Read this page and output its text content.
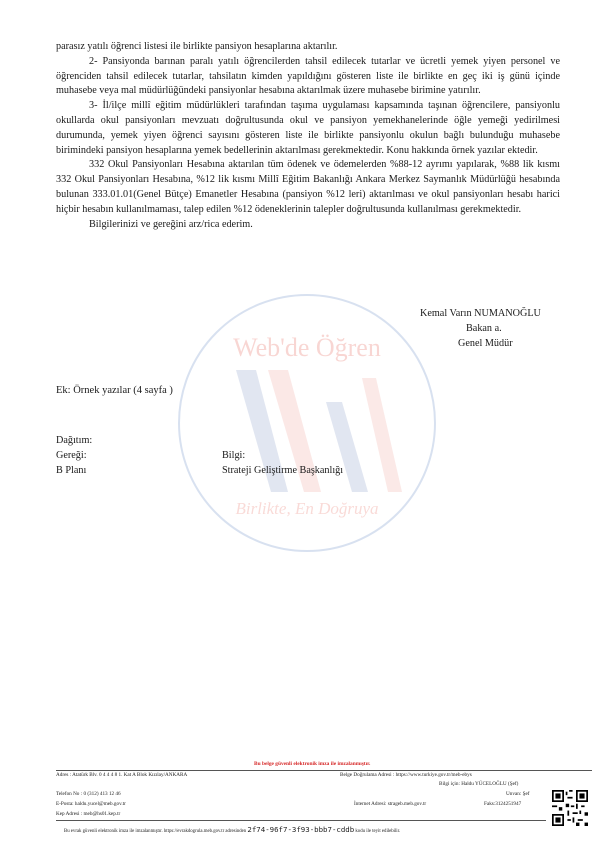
parasız yatılı öğrenci listesi ile birlikte pansiyon hesaplarına aktarılır.

2- Pansiyonda barınan paralı yatılı öğrencilerden tahsil edilecek tutarlar ve ücretli yemek yiyen personel ve öğrenciden tahsil edilecek tutarlar, tahsilatın kimden yapıldığını gösteren liste ile birlikte en geç iki iş günü içinde muhasebe veya mal müdürlüğündeki pansiyonlar hesabına aktarılmak üzere muhasebe birimine yatırılır.

3- İl/ilçe millî eğitim müdürlükleri tarafından taşıma uygulaması kapsamında taşınan öğrencilere, pansiyonlu okullarda okul pansiyonları mevzuatı doğrultusunda okul ve pansiyon yemekhanelerinde öğle yemeği yedirilmesi durumunda, yemek yiyen öğrenci sayısını gösteren liste ile birlikte pansiyonlu okulun bağlı bulunduğu muhasebe birimindeki pansiyon hesaplarına yemek bedellerinin aktarılması gerekmektedir. Konu hakkında örnek yazılar ektedir.

332 Okul Pansiyonları Hesabına aktarılan tüm ödenek ve ödemelerden %88-12 ayrımı yapılarak, %88 lik kısmı 332 Okul Pansiyonları Hesabına, %12 lik kısmı Millî Eğitim Bakanlığı Ankara Merkez Saymanlık Müdürlüğü hesabında bulunan 333.01.01(Genel Bütçe) Emanetler Hesabına (pansiyon %12 leri) aktarılması ve okul pansiyonları hesabı harici hiçbir hesabın kullanılmaması, talep edilen %12 ödeneklerinin talepler doğrultusunda kullanılması gerekmektedir.

Bilgilerinizi ve gereğini arz/rica ederim.

Web'de Öğren
Birlikte, En Doğruya
Kemal Varın NUMANOĞLU
Bakan a.
Genel Müdür
Ek: Örnek yazılar (4 sayfa )
Dağıtım:
Gereği:	Bilgi:
B Planı	Strateji Geliştirme Başkanlığı
Bu belge güvenli elektronik imza ile imzalanmıştır.
Adres : Atatürk Blv. 0 4 4 4 8 1. Kat A Blok Kızılay/ANKARA	Belge Doğrulama Adresi : https://www.turkiye.gov.tr/meb-ebys
Bilgi için: Haldu YÜCELOĞLU (Şef)
Telefon No : 0 (312) 413 12 46	Unvan: Şef
E-Posta: haldu.yucel@meb.gov.tr	İnternet Adresi: strageb.meb.gov.tr	Faks:3124251947
Kep Adresi : meb@hs01.kep.tr
Bu evrak güvenli elektronik imza ile imzalanmıştır. https://evrakdogrula.meb.gov.tr adresinden 2f74-96f7-3f93-bbb7-cddb kodu ile teyit edilebilir.
